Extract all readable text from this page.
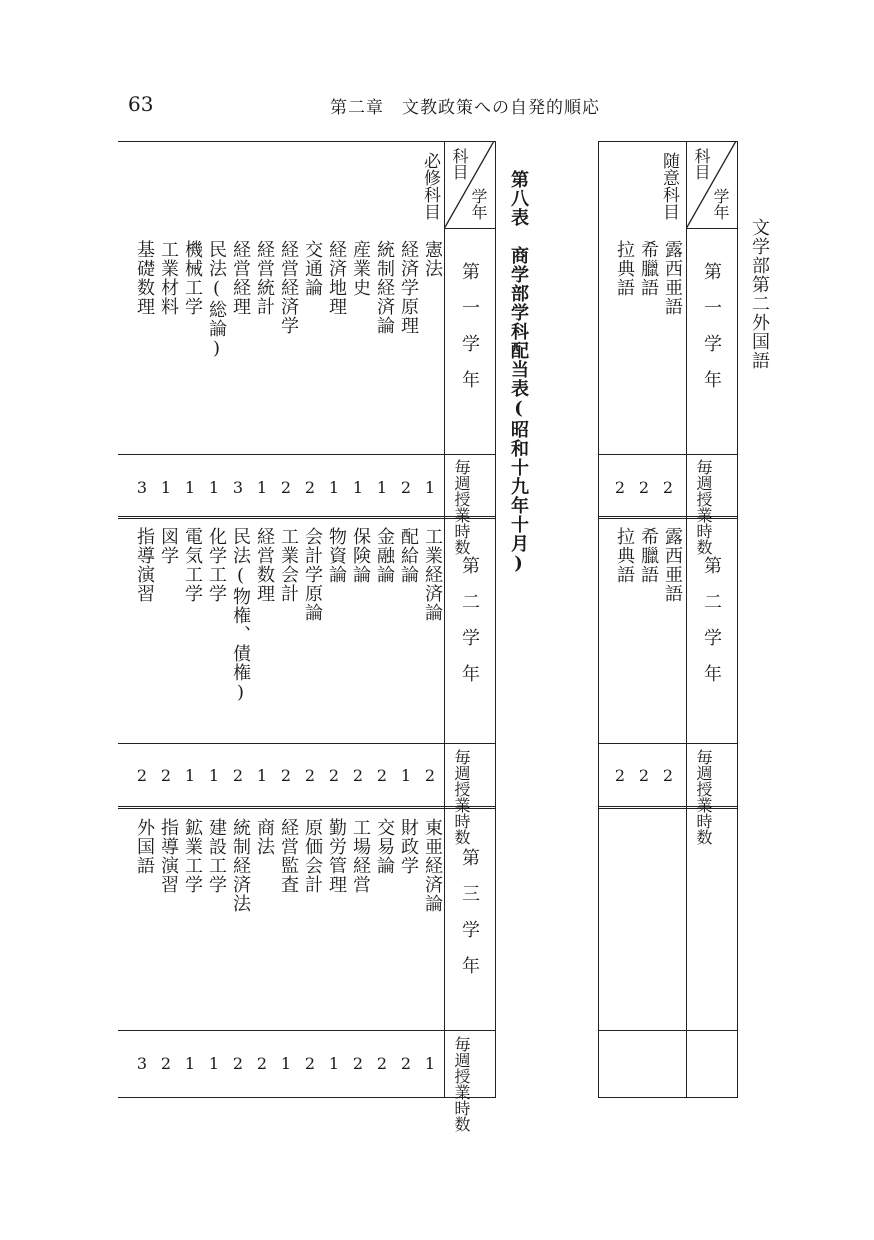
63	第二章　文教政策への自発的順応
科目
学年
必修科目	第八表　商学部学科配当表(昭和十九年十月)
第　一　学　年
第　二　学　年
第　三　学　年
毎週授業時数
毎週授業時数
毎週授業時数
憲法
経済学原理
統制経済論
産業史
経済地理
交通論
経営経済学
経営統計
経営経理
民法(総論)
機械工学
工業材料
基礎数理
1
2
1
1
1
2
2
1
3
1
1
1
3
工業経済論
配給論
金融論
保険論
物資論
会計学原論
工業会計
経営数理
民法(物権、債権)
化学工学
電気工学
図学
指導演習
2
1
2
2
2
2
2
1
2
1
1
2
2
東亜経済論
財政学
交易論
工場経営
勤労管理
原価会計
経営監査
商法
統制経済法
建設工学
鉱業工学
指導演習
外国語
1
2
2
2
1
2
1
2
2
1
1
2
3
科目
学年
随意科目
文学部第二外国語
第　一　学　年
第　二　学　年
毎週授業時数
毎週授業時数
露西亜語
希臘語
拉典語
2
2
2
露西亜語
希臘語
拉典語
2
2
2
